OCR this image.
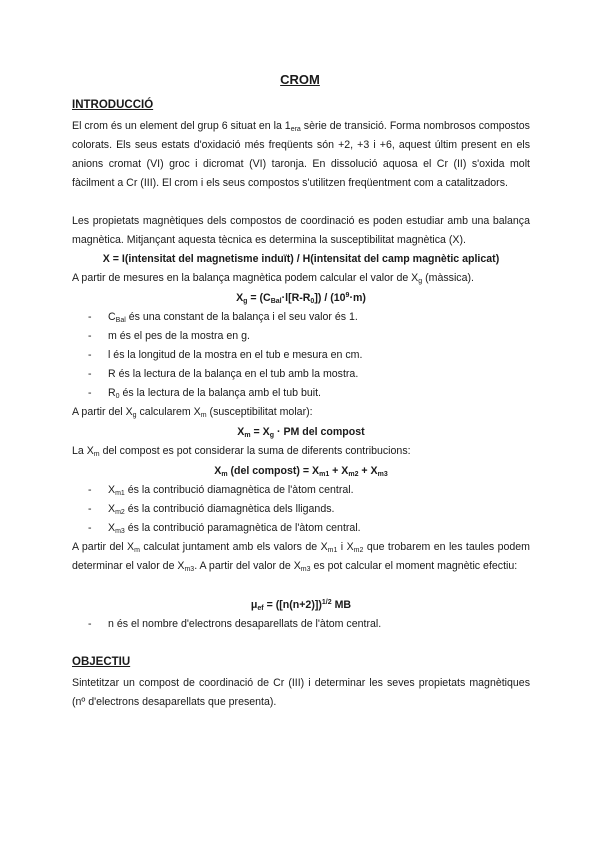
CROM
INTRODUCCIÓ
El crom és un element del grup 6 situat en la $1_{era}$ sèrie de transició. Forma nombrosos compostos colorats. Els seus estats d'oxidació més freqüents són +2, +3 i +6, aquest últim present en els anions cromat (VI) groc i dicromat (VI) taronja. En dissolució aquosa el Cr (II) s'oxida molt fàcilment a Cr (III). El crom i els seus compostos s'utilitzen freqüentment com a catalitzadors.
Les propietats magnètiques dels compostos de coordinació es poden estudiar amb una balança magnètica. Mitjançant aquesta tècnica es determina la susceptibilitat magnètica (Χ).
Χ = I(intensitat del magnetisme induït) / H(intensitat del camp magnètic aplicat)
A partir de mesures en la balança magnètica podem calcular el valor de $X_g$ (màssica).
$X_g = (C_{Bal}\cdot l[R-R_0]) / (10^9\cdot m)$
- $C_{Bal}$ és una constant de la balança i el seu valor és 1.
- m és el pes de la mostra en g.
- l és la longitud de la mostra en el tub e mesura en cm.
- R és la lectura de la balança en el tub amb la mostra.
- $R_0$ és la lectura de la balança amb el tub buit.
A partir del $X_g$ calcularem $X_m$ (susceptibilitat molar):
$X_m = X_g$ · PM del compost
La $X_m$ del compost es pot considerar la suma de diferents contribucions:
$X_m$ (del compost) = $X_{m1} + X_{m2} + X_{m3}$
- $X_{m1}$ és la contribució diamagnètica de l'àtom central.
- $X_{m2}$ és la contribució diamagnètica dels lligands.
- $X_{m3}$ és la contribució paramagnètica de l'àtom central.
A partir del $X_m$ calculat juntament amb els valors de $X_{m1}$ i $X_{m2}$ que trobarem en les taules podem determinar el valor de $X_{m3}$. A partir del valor de $X_{m3}$ es pot calcular el moment magnètic efectiu:
$\mu_{ef} = ([n(n+2)])^{1/2}$ MB
- n és el nombre d'electrons desaparellats de l'àtom central.
OBJECTIU
Sintetitzar un compost de coordinació de Cr (III) i determinar les seves propietats magnètiques (nº d'electrons desaparellats que presenta).
